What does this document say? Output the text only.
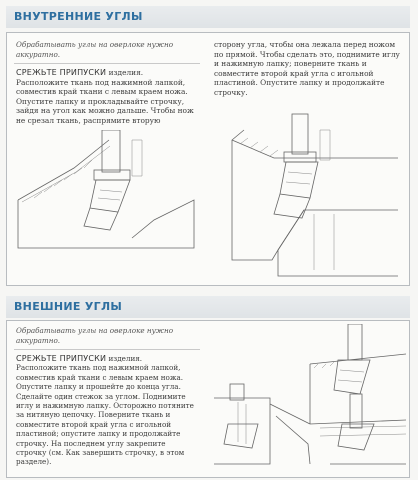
ВНУТРЕННИЕ УГЛЫ
Обрабатывать углы на оверлоке нужно аккуратно.
СРЕЖЬТЕ ПРИПУСКИ изделия.
Расположите ткань под нажимной лапкой, совместив край ткани с левым краем ножа. Опустите лапку и прокладывайте строчку, зайдя на угол как можно дальше. Чтобы нож не срезал ткань, распрямите вторую
сторону угла, чтобы она лежала перед ножом по прямой. Чтобы сделать это, поднимите иглу и нажимную лапку; поверните ткань и совместите второй край угла с игольной пластиной. Опустите лапку и продолжайте строчку.
ВНЕШНИЕ УГЛЫ
Обрабатывать углы на оверлоке нужно аккуратно.
СРЕЖЬТЕ ПРИПУСКИ изделия.
Расположите ткань под нажимной лапкой, совместив край ткани с левым краем ножа. Опустите лапку и прошейте до конца угла. Сделайте один стежок за углом. Поднимите иглу и нажимную лапку. Осторожно потяните за нитяную цепочку. Поверните ткань и совместите второй край угла с игольной пластиной; опустите лапку и продолжайте строчку. На последнем углу закрепите строчку (см. Как завершить строчку, в этом разделе).
